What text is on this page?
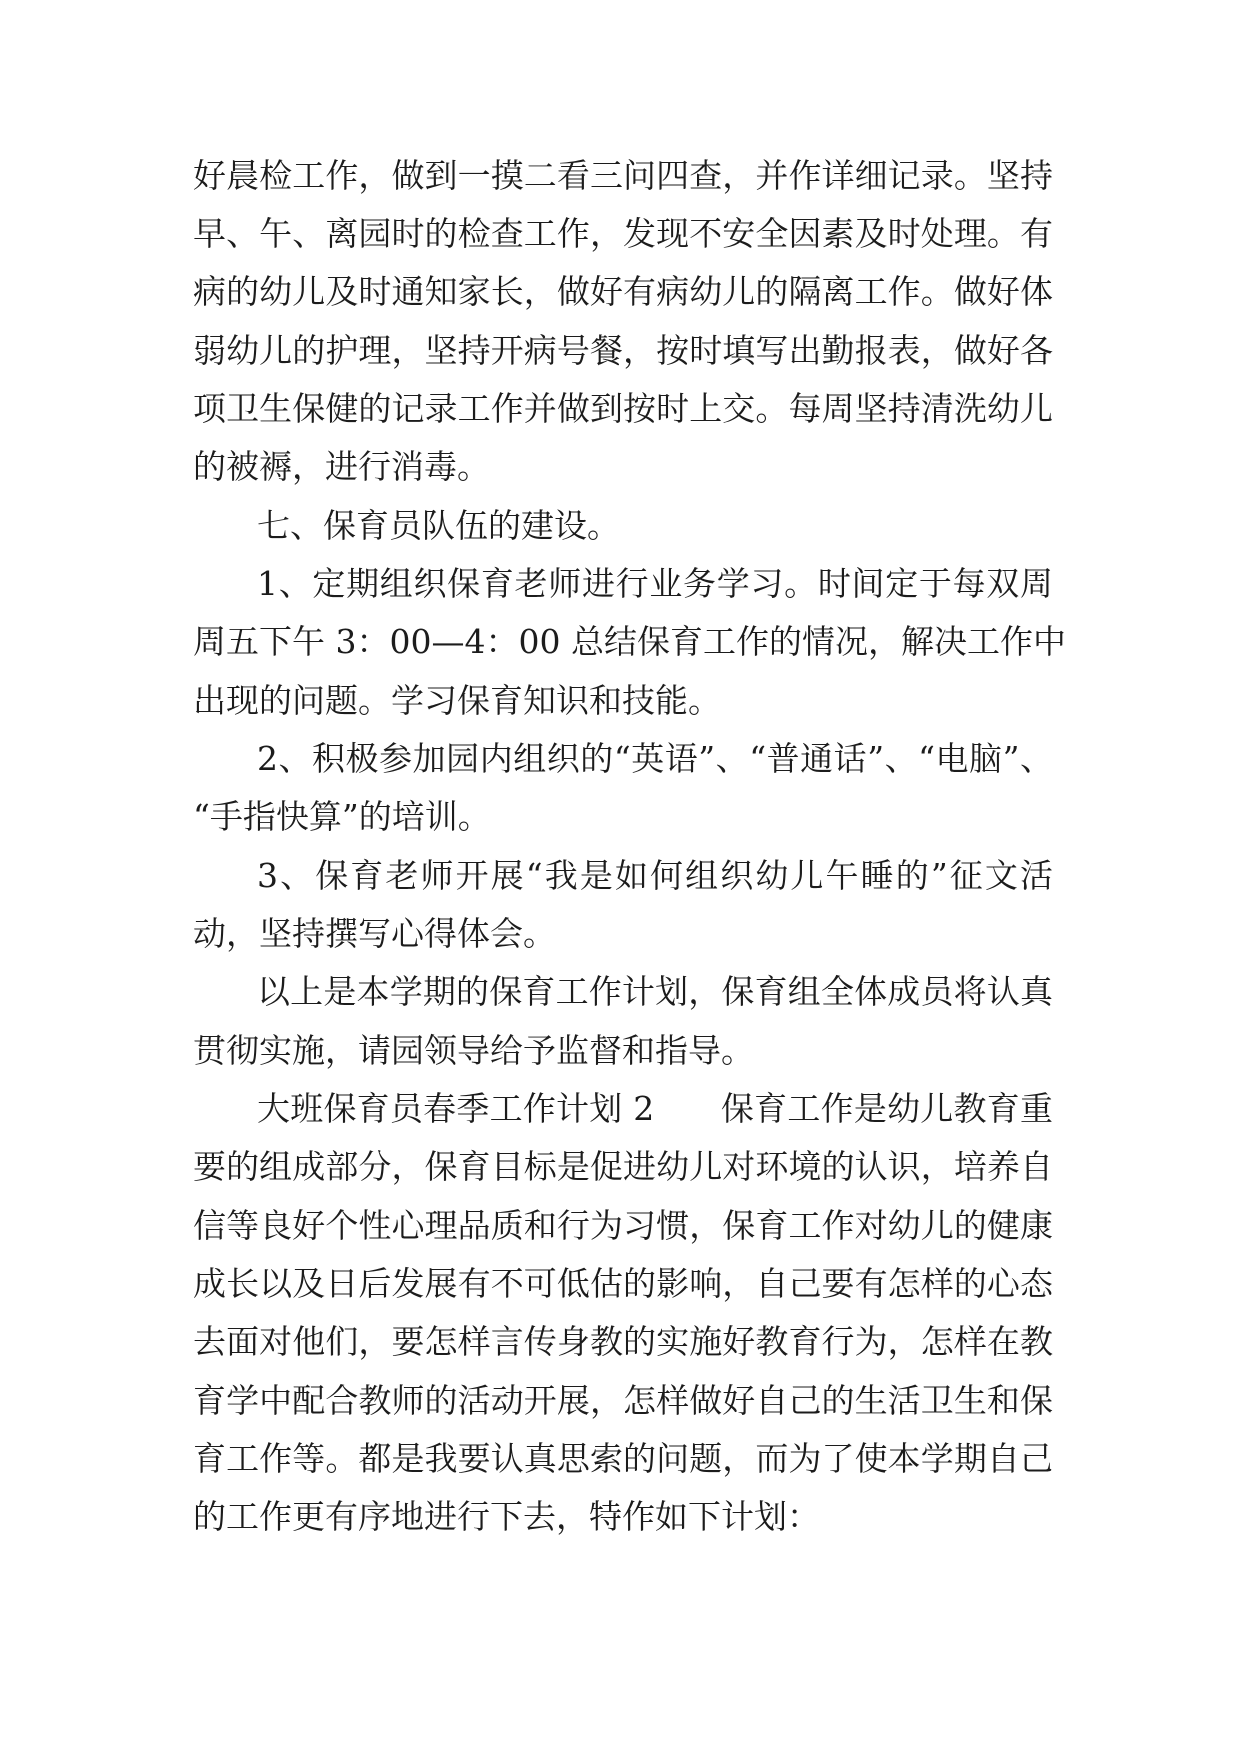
好晨检工作，做到一摸二看三问四查，并作详细记录。坚持
早、午、离园时的检查工作，发现不安全因素及时处理。有
病的幼儿及时通知家长，做好有病幼儿的隔离工作。做好体
弱幼儿的护理，坚持开病号餐，按时填写出勤报表，做好各
项卫生保健的记录工作并做到按时上交。每周坚持清洗幼儿
的被褥，进行消毒。
七、保育员队伍的建设。
1、定期组织保育老师进行业务学习。时间定于每双周
周五下午 3：00—4：00 总结保育工作的情况，解决工作中
出现的问题。学习保育知识和技能。
2、积极参加园内组织的“英语”、“普通话”、“电脑”、
“手指快算”的培训。
3、保育老师开展“我是如何组织幼儿午睡的”征文活
动，坚持撰写心得体会。
以上是本学期的保育工作计划，保育组全体成员将认真
贯彻实施，请园领导给予监督和指导。
大班保育员春季工作计划 2　　保育工作是幼儿教育重
要的组成部分，保育目标是促进幼儿对环境的认识，培养自
信等良好个性心理品质和行为习惯，保育工作对幼儿的健康
成长以及日后发展有不可低估的影响，自己要有怎样的心态
去面对他们，要怎样言传身教的实施好教育行为，怎样在教
育学中配合教师的活动开展，怎样做好自己的生活卫生和保
育工作等。都是我要认真思索的问题，而为了使本学期自己
的工作更有序地进行下去，特作如下计划：
